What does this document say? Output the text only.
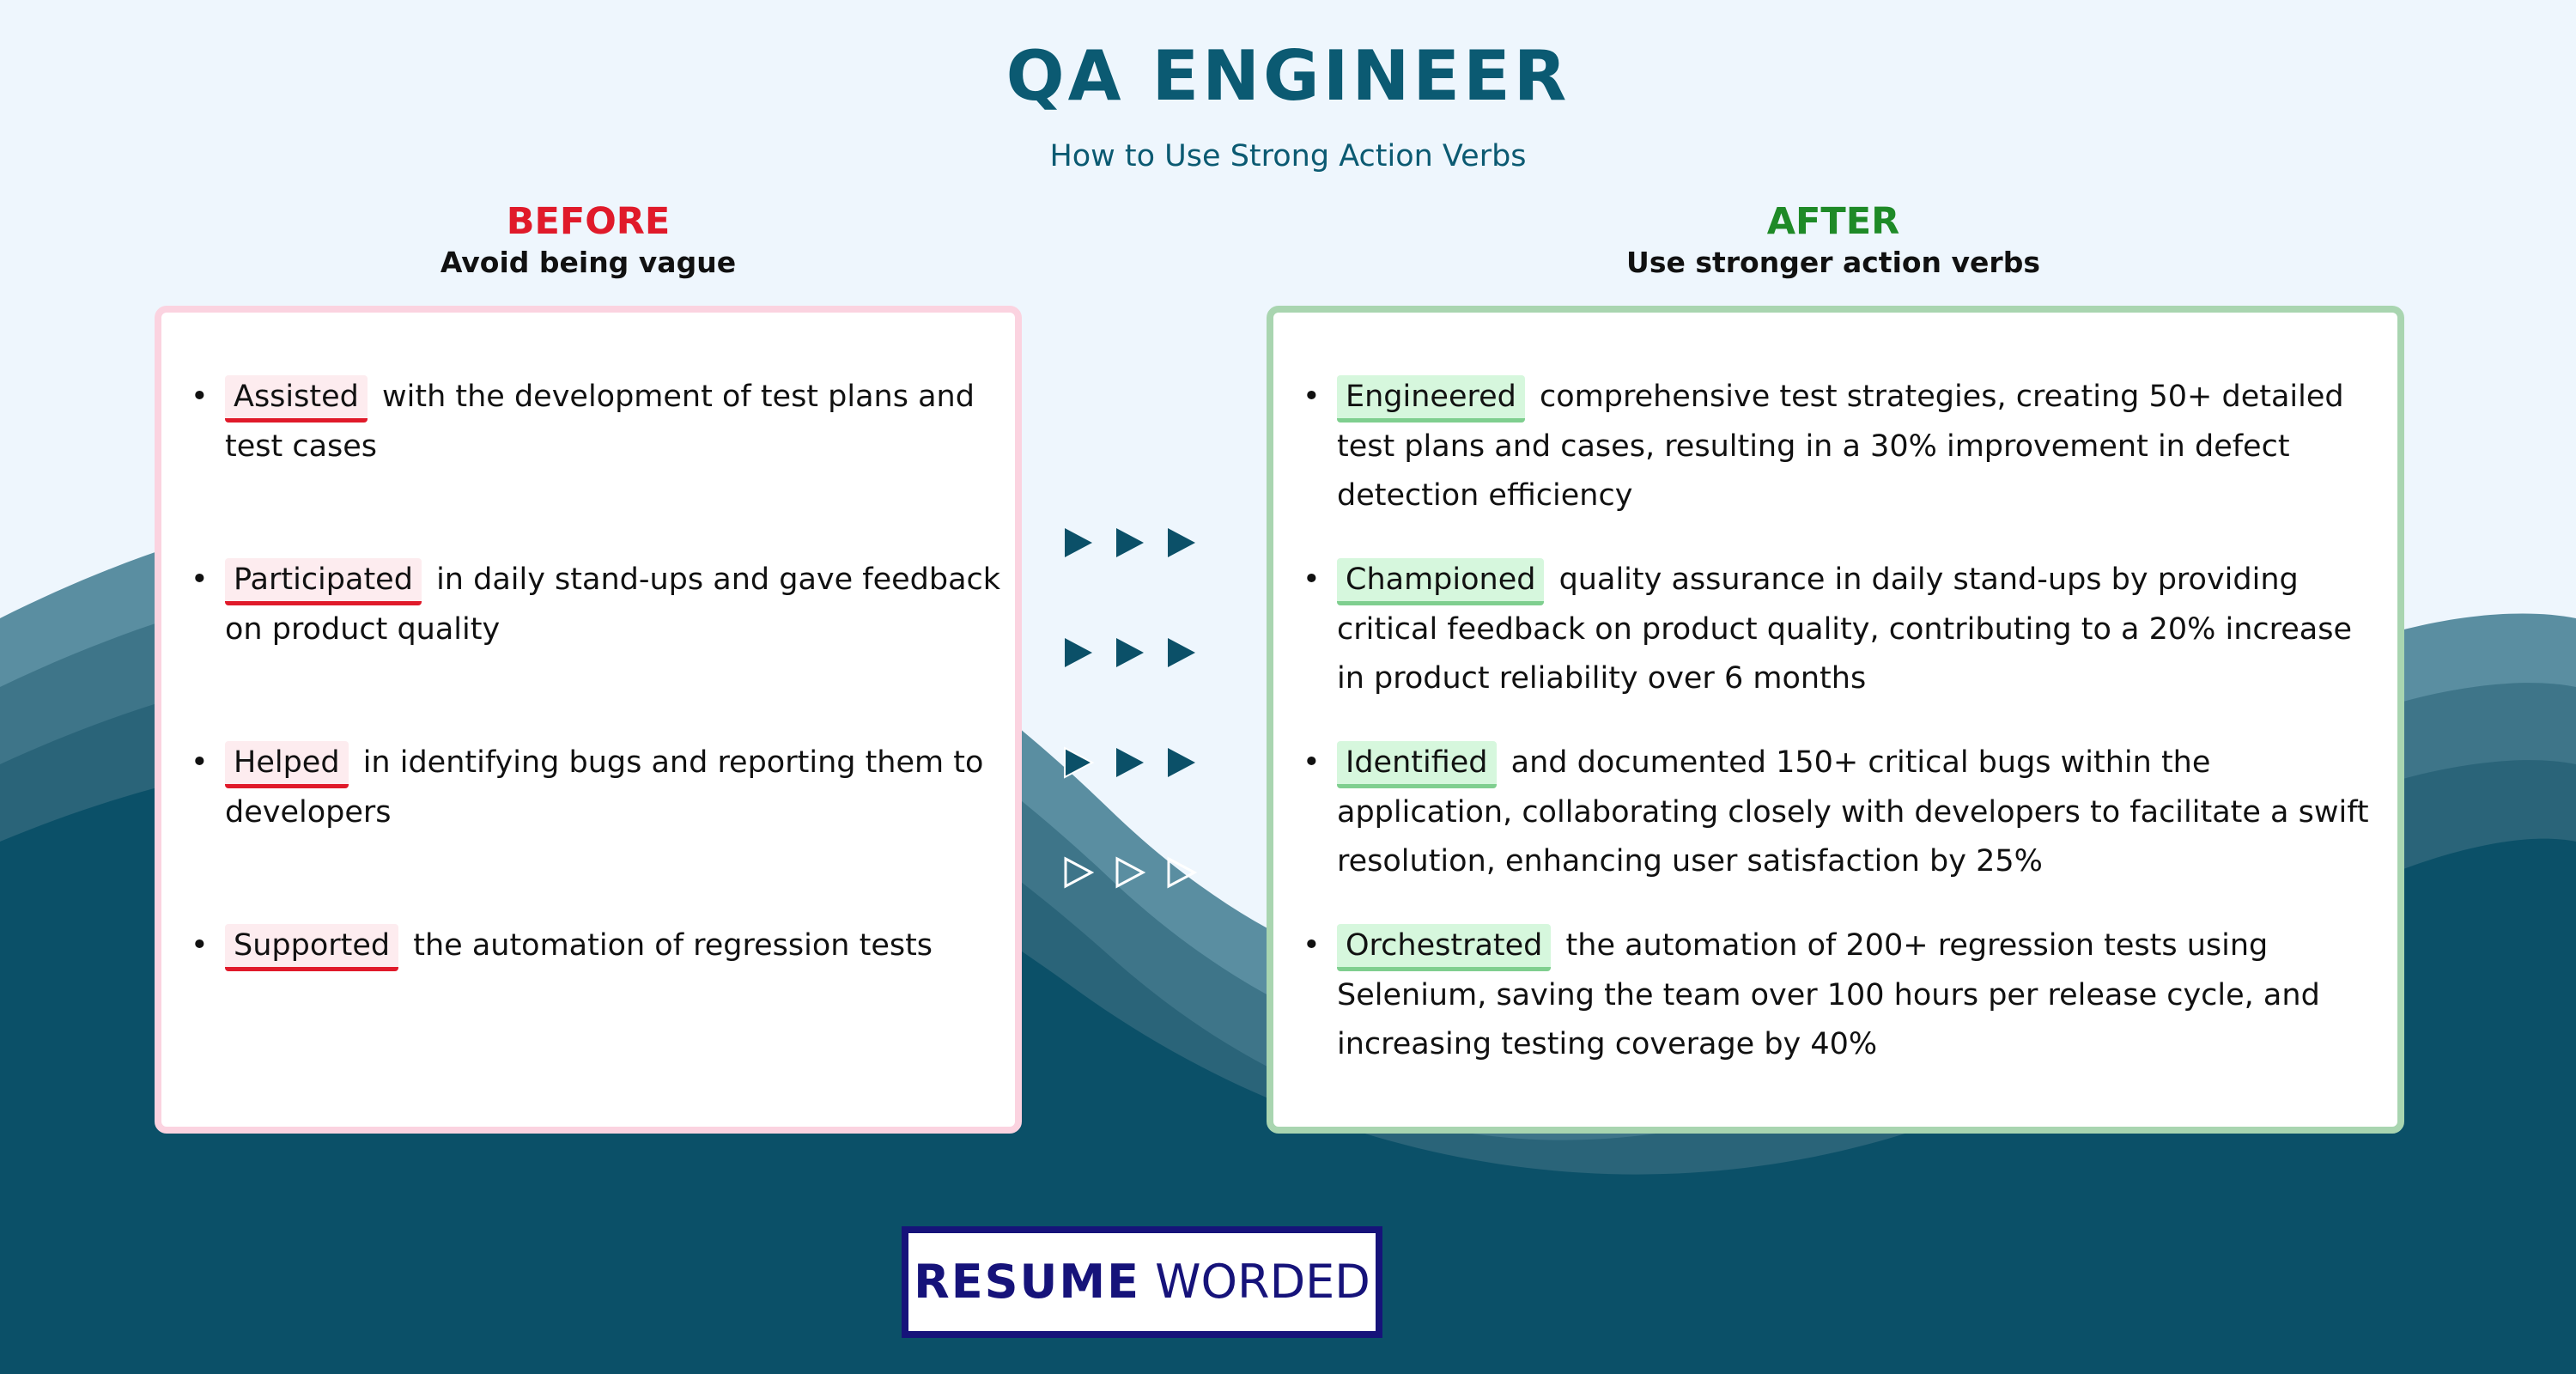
QA ENGINEER
How to Use Strong Action Verbs
BEFORE
Avoid being vague
AFTER
Use stronger action verbs
• Assisted with the development of test plans and test cases
• Participated in daily stand-ups and gave feedback on product quality
• Helped in identifying bugs and reporting them to developers
• Supported the automation of regression tests
• Engineered comprehensive test strategies, creating 50+ detailed test plans and cases, resulting in a 30% improvement in defect detection efficiency
• Championed quality assurance in daily stand-ups by providing critical feedback on product quality, contributing to a 20% increase in product reliability over 6 months
• Identified and documented 150+ critical bugs within the application, collaborating closely with developers to facilitate a swift resolution, enhancing user satisfaction by 25%
• Orchestrated the automation of 200+ regression tests using Selenium, saving the team over 100 hours per release cycle, and increasing testing coverage by 40%
RESUME WORDED
